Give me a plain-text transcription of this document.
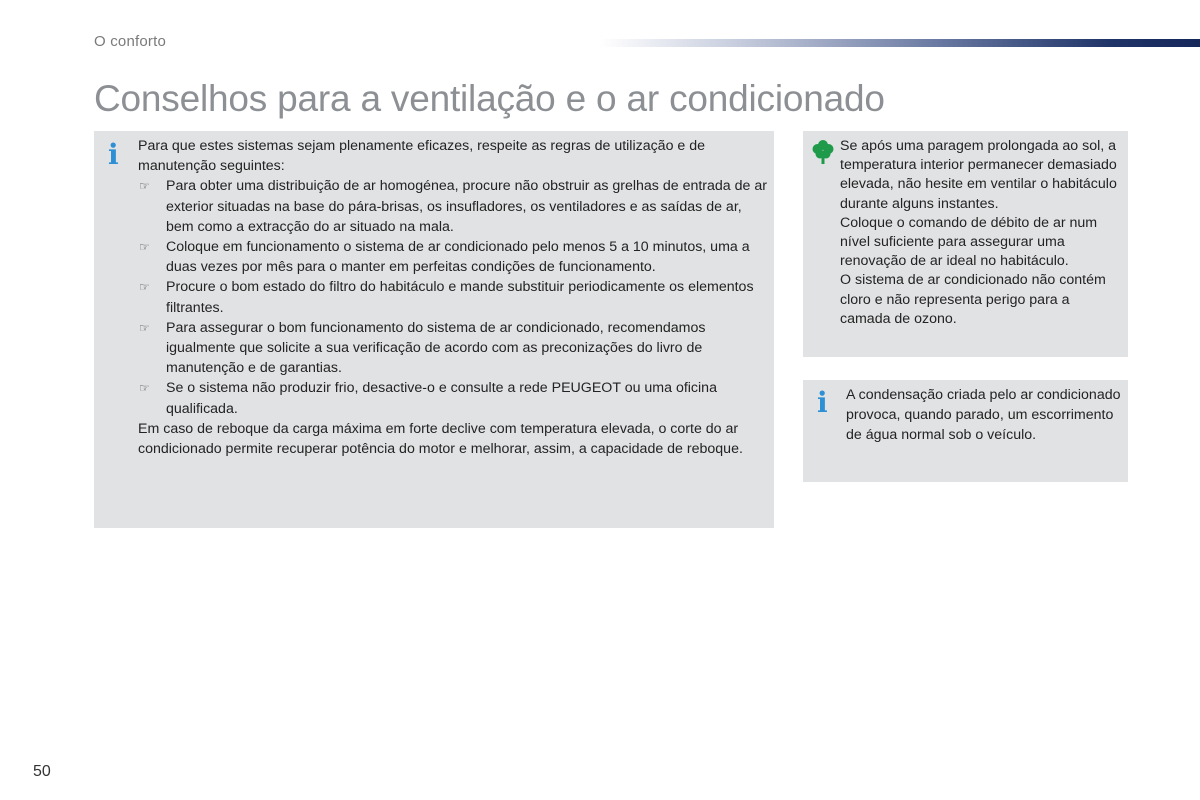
O conforto
Conselhos para a ventilação e o ar condicionado
i Para que estes sistemas sejam plenamente eficazes, respeite as regras de utilização e de manutenção seguintes:
☞ Para obter uma distribuição de ar homogénea, procure não obstruir as grelhas de entrada de ar exterior situadas na base do pára-brisas, os insufladores, os ventiladores e as saídas de ar, bem como a extracção do ar situado na mala.
☞ Coloque em funcionamento o sistema de ar condicionado pelo menos 5 a 10 minutos, uma a duas vezes por mês para o manter em perfeitas condições de funcionamento.
☞ Procure o bom estado do filtro do habitáculo e mande substituir periodicamente os elementos filtrantes.
☞ Para assegurar o bom funcionamento do sistema de ar condicionado, recomendamos igualmente que solicite a sua verificação de acordo com as preconizações do livro de manutenção e de garantias.
☞ Se o sistema não produzir frio, desactive-o e consulte a rede PEUGEOT ou uma oficina qualificada.
Em caso de reboque da carga máxima em forte declive com temperatura elevada, o corte do ar condicionado permite recuperar potência do motor e melhorar, assim, a capacidade de reboque.
Se após uma paragem prolongada ao sol, a temperatura interior permanecer demasiado elevada, não hesite em ventilar o habitáculo durante alguns instantes.
Coloque o comando de débito de ar num nível suficiente para assegurar uma renovação de ar ideal no habitáculo.
O sistema de ar condicionado não contém cloro e não representa perigo para a camada de ozono.
i A condensação criada pelo ar condicionado provoca, quando parado, um escorrimento de água normal sob o veículo.
50
